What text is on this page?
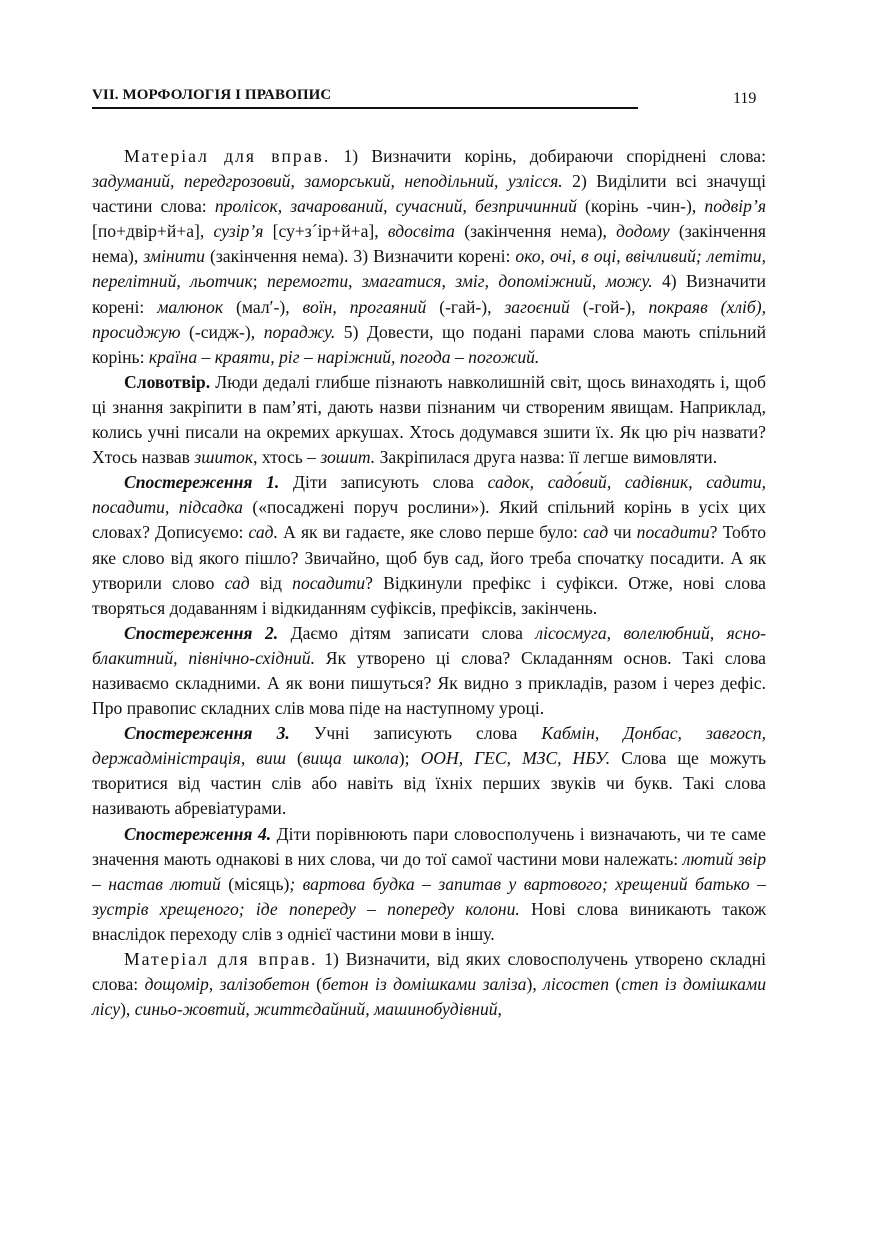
VII. МОРФОЛОГІЯ І ПРАВОПИС	119

Матеріал для вправ. 1) Визначити корінь, добираючи споріднені слова: задуманий, передгрозовий, заморський, неподільний, узлісся. 2) Виділити всі значущі частини слова: пролісок, зачарований, сучасний, безпричинний (корінь -чин-), подвір’я [по+двір+й+а], сузір’я [су+з´ір+й+а], вдосвіта (закінчення нема), додому (закінчення нема), змінити (закінчення нема). 3) Визначити корені: око, очі, в оці, ввічливий; летіти, перелітний, льотчик; перемогти, змагатися, зміг, допоміжний, можу. 4) Визначити корені: малюнок (мал′-), воїн, прогаяний (-гай-), загоєний (-гой-), покраяв (хліб), просиджую (-сидж-), пораджу. 5) Довести, що подані парами слова мають спільний корінь: країна – краяти, ріг – наріжний, погода – погожий.

Словотвір. Люди дедалі глибше пізнають навколишній світ, щось винаходять і, щоб ці знання закріпити в пам’яті, дають назви пізнаним чи створеним явищам. Наприклад, колись учні писали на окремих аркушах. Хтось додумався зшити їх. Як цю річ назвати? Хтось назвав зшиток, хтось – зошит. Закріпилася друга назва: її легше вимовляти.

Спостереження 1. Діти записують слова садок, садо́вий, садівник, садити, посадити, підсадка («посаджені поруч рослини»). Який спільний корінь в усіх цих словах? Дописуємо: сад. А як ви гадаєте, яке слово перше було: сад чи посадити? Тобто яке слово від якого пішло? Звичайно, щоб був сад, його треба спочатку посадити. А як утворили слово сад від посадити? Відкинули префікс і суфікси. Отже, нові слова творяться додаванням і відкиданням суфіксів, префіксів, закінчень.

Спостереження 2. Даємо дітям записати слова лісосмуга, волелюбний, ясно-блакитний, північно-східний. Як утворено ці слова? Складанням основ. Такі слова називаємо складними. А як вони пишуться? Як видно з прикладів, разом і через дефіс. Про правопис складних слів мова піде на наступному уроці.

Спостереження 3. Учні записують слова Кабмін, Донбас, завгосп, держадміністрація, виш (вища школа); ООН, ГЕС, МЗС, НБУ. Слова ще можуть творитися від частин слів або навіть від їхніх перших звуків чи букв. Такі слова називають абревіатурами.

Спостереження 4. Діти порівнюють пари словосполучень і визначають, чи те саме значення мають однакові в них слова, чи до тої самої частини мови належать: лютий звір – настав лютий (місяць); вартова будка – запитав у вартового; хрещений батько – зустрів хрещеного; іде попереду – попереду колони. Нові слова виникають також внаслідок переходу слів з однієї частини мови в іншу.

Матеріал для вправ. 1) Визначити, від яких словосполучень утворено складні слова: дощомір, залізобетон (бетон із домішками заліза), лісостеп (степ із домішками лісу), синьо-жовтий, життєдайний, машинобудівний,
